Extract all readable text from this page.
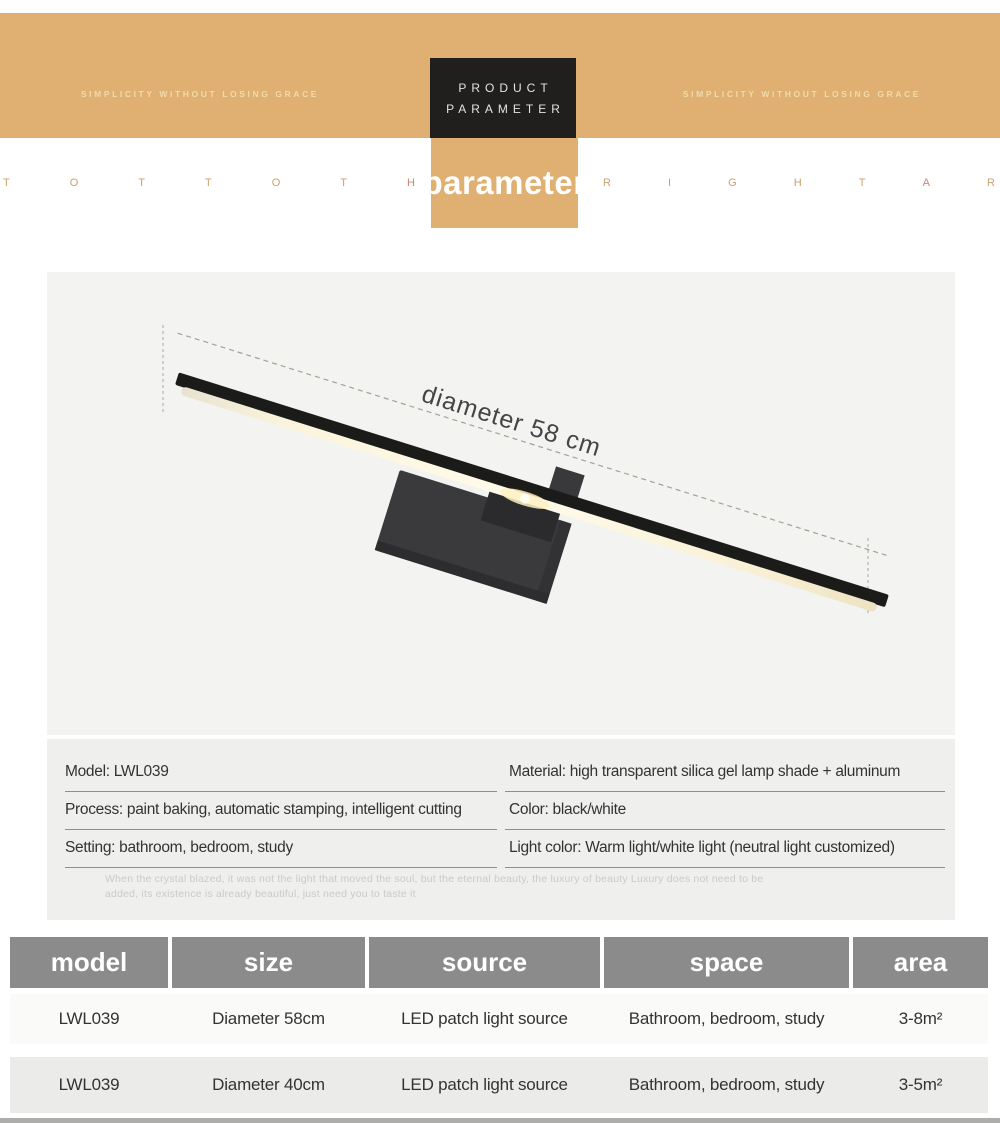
SIMPLICITY WITHOUT LOSING GRACE	SIMPLICITY WITHOUT LOSING GRACE
PRODUCT
PARAMETER
parameter
T	O	T	T	O	T	H	R	I	G	H	T	A	R
diameter 58 cm
Model: LWL039	Material: high transparent silica gel lamp shade + aluminum
Process: paint baking, automatic stamping, intelligent cutting	Color: black/white
Setting: bathroom, bedroom, study	Light color: Warm light/white light (neutral light customized)
When the crystal blazed, it was not the light that moved the soul, but the eternal beauty, the luxury of beauty Luxury does not need to be
added, its existence is already beautiful, just need you to taste it
model	size	source	space	area
LWL039	Diameter 58cm	LED patch light source	Bathroom, bedroom, study	3-8m²
LWL039	Diameter 40cm	LED patch light source	Bathroom, bedroom, study	3-5m²
